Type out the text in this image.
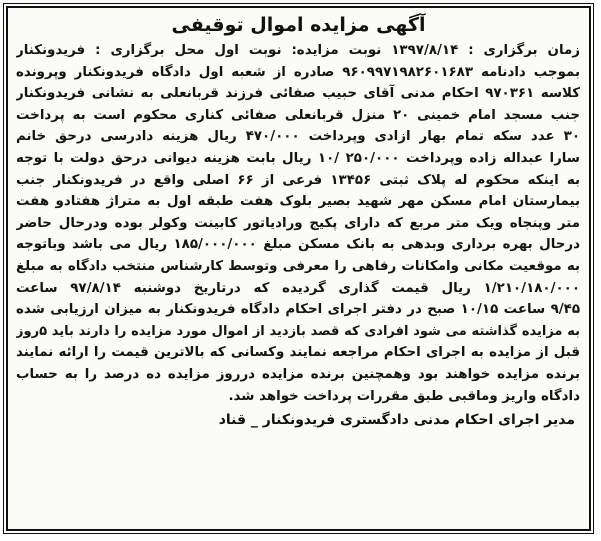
آگهی مزایده اموال توقیفی
زمان برگزاری : ۱۳۹۷/۸/۱۴ نوبت مزایده: نوبت اول محل برگزاری : فریدونکنار
بموجب دادنامه ۹۶۰۹۹۷۱۹۸۲۶۰۱۶۸۳ صادره از شعبه اول دادگاه فریدونکنار وپرونده
کلاسه ۹۷۰۳۶۱ احکام مدنی آقای حبیب صفائی فرزند قربانعلی به نشانی فریدونکنار
جنب مسجد امام خمینی ۲۰ منزل قربانعلی صفائی کناری محکوم است به پرداخت
۳۰ عدد سکه تمام بهار ازادی وپرداخت ۴۷۰/۰۰۰ ریال هزینه دادرسی درحق خانم
سارا عبداله زاده وپرداخت ۲۵۰/۰۰۰ /۱۰ ریال بابت هزینه دیوانی درحق دولت با توجه
به اینکه محکوم له پلاک ثبتی ۱۳۴۵۶ فرعی از ۶۶ اصلی واقع در فریدونکنار جنب
بیمارستان امام مسکن مهر شهید بصیر بلوک هفت طبقه اول به متراژ هفتادو هفت
متر وپنجاه ویک متر مربع که دارای پکیج ورادیاتور کابینت وکولر بوده ودرحال حاضر
درحال بهره برداری وبدهی به بانک مسکن مبلغ ۱۸۵/۰۰۰/۰۰۰ ریال می باشد وباتوجه
به موقعیت مکانی وامکانات رفاهی را معرفی وتوسط کارشناس منتخب دادگاه به مبلغ
۱/۲۱۰/۱۸۰/۰۰۰ ریال قیمت گذاری گردیده که درتاریخ دوشنبه ۹۷/۸/۱۴ ساعت
۹/۴۵ ساعت ۱۰/۱۵ صبح در دفتر اجرای احکام دادگاه فریدونکنار به میزان ارزیابی شده
به مزایده گذاشته می شود افرادی که قصد بازدید از اموال مورد مزایده را دارند باید ۵روز
قبل از مزایده به اجرای احکام مراجعه نمایند وکسانی که بالاترین قیمت را ارائه نمایند
برنده مزایده خواهند بود وهمچنین برنده مزایده درروز مزایده ده درصد را به حساب
دادگاه واریز وماقبی طبق مقررات پرداخت خواهد شد.
مدیر اجرای احکام مدنی دادگستری فریدونکنار _ قناد
